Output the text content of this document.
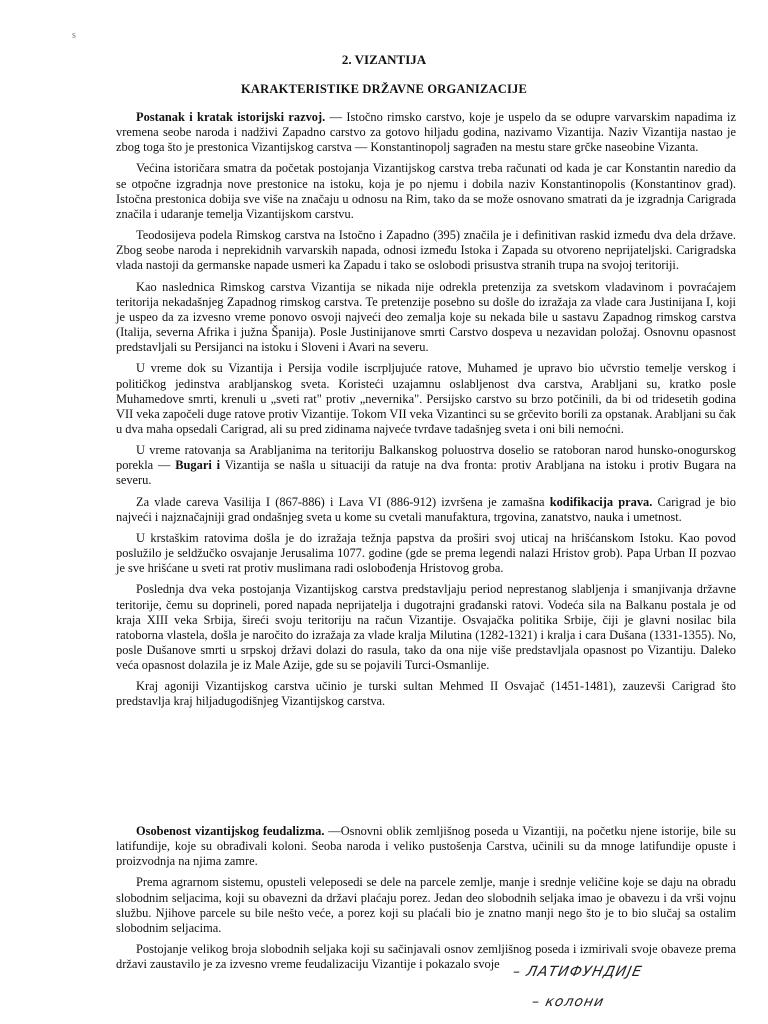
s
2. VIZANTIJA
KARAKTERISTIKE DRŽAVNE ORGANIZACIJE

Postanak i kratak istorijski razvoj. — Istočno rimsko carstvo, koje je uspelo da se odupre varvarskim napadima iz vremena seobe naroda i nadživi Zapadno carstvo za gotovo hiljadu godina, nazivamo Vizantija. Naziv Vizantija nastao je zbog toga što je prestonica Vizantijskog carstva — Konstantinopolj sagrađen na mestu stare grčke naseobine Vizanta.

Većina istoričara smatra da početak postojanja Vizantijskog carstva treba računati od kada je car Konstantin naredio da se otpočne izgradnja nove prestonice na istoku, koja je po njemu i dobila naziv Konstantinopolis (Konstantinov grad). Istočna prestonica dobija sve više na značaju u odnosu na Rim, tako da se može osnovano smatrati da je izgradnja Carigrada značila i udaranje temelja Vizantijskom carstvu.

Teodosijeva podela Rimskog carstva na Istočno i Zapadno (395) značila je i definitivan raskid između dva dela države. Zbog seobe naroda i neprekidnih varvarskih napada, odnosi između Istoka i Zapada su otvoreno neprijateljski. Carigradska vlada nastoji da germanske napade usmeri ka Zapadu i tako se oslobodi prisustva stranih trupa na svojoj teritoriji.

Kao naslednica Rimskog carstva Vizantija se nikada nije odrekla pretenzija za svetskom vladavinom i povraćajem teritorija nekadašnjeg Zapadnog rimskog carstva. Te pretenzije posebno su došle do izražaja za vlade cara Justinijana I, koji je uspeo da za izvesno vreme ponovo osvoji najveći deo zemalja koje su nekada bile u sastavu Zapadnog rimskog carstva (Italija, severna Afrika i južna Španija). Posle Justinijanove smrti Carstvo dospeva u nezavidan položaj. Osnovnu opasnost predstavljali su Persijanci na istoku i Sloveni i Avari na severu.

U vreme dok su Vizantija i Persija vodile iscrpljujuće ratove, Muhamed je upravo bio učvrstio temelje verskog i političkog jedinstva arabljanskog sveta. Koristeći uzajamnu oslabljenost dva carstva, Arabljani su, kratko posle Muhamedove smrti, krenuli u „sveti rat" protiv „nevernika". Persijsko carstvo su brzo potčinili, da bi od tridesetih godina VII veka započeli duge ratove protiv Vizantije. Tokom VII veka Vizantinci su se grčevito borili za opstanak. Arabljani su čak u dva maha opsedali Carigrad, ali su pred zidinama najveće tvrđave tadašnjeg sveta i oni bili nemoćni.

U vreme ratovanja sa Arabljanima na teritoriju Balkanskog poluostrva doselio se ratoboran narod hunsko-onogurskog porekla — Bugari i Vizantija se našla u situaciji da ratuje na dva fronta: protiv Arabljana na istoku i protiv Bugara na severu.

Za vlade careva Vasilija I (867-886) i Lava VI (886-912) izvršena je zamašna kodifikacija prava. Carigrad je bio najveći i najznačajniji grad ondašnjeg sveta u kome su cvetali manufaktura, trgovina, zanatstvo, nauka i umetnost.

U krstaškim ratovima došla je do izražaja težnja papstva da proširi svoj uticaj na hrišćanskom Istoku. Kao povod poslužilo je seldžučko osvajanje Jerusalima 1077. godine (gde se prema legendi nalazi Hristov grob). Papa Urban II pozvao je sve hrišćane u sveti rat protiv muslimana radi oslobođenja Hristovog groba.

Poslednja dva veka postojanja Vizantijskog carstva predstavljaju period neprestanog slabljenja i smanjivanja državne teritorije, čemu su doprineli, pored napada neprijatelja i dugotrajni građanski ratovi. Vodeća sila na Balkanu postala je od kraja XIII veka Srbija, šireći svoju teritoriju na račun Vizantije. Osvajačka politika Srbije, čiji je glavni nosilac bila ratoborna vlastela, došla je naročito do izražaja za vlade kralja Milutina (1282-1321) i kralja i cara Dušana (1331-1355). No, posle Dušanove smrti u srpskoj državi dolazi do rasula, tako da ona nije više predstavljala opasnost po Vizantiju. Daleko veća opasnost dolazila je iz Male Azije, gde su se pojavili Turci-Osmanlije.

Kraj agoniji Vizantijskog carstva učinio je turski sultan Mehmed II Osvajač (1451-1481), zauzevši Carigrad što predstavlja kraj hiljadugodišnjeg Vizantijskog carstva.

Osobenost vizantijskog feudalizma. —Osnovni oblik zemljišnog poseda u Vizantiji, na početku njene istorije, bile su latifundije, koje su obrađivali koloni. Seoba naroda i veliko pustošenja Carstva, učinili su da mnoge latifundije opuste i proizvodnja na njima zamre.

Prema agrarnom sistemu, opusteli veleposedi se dele na parcele zemlje, manje i srednje veličine koje se daju na obradu slobodnim seljacima, koji su obavezni da državi plaćaju porez. Jedan deo slobodnih seljaka imao je obavezu i da vrši vojnu službu. Njihove parcele su bile nešto veće, a porez koji su plaćali bio je znatno manji nego što je to bio slučaj sa ostalim slobodnim seljacima.

Postojanje velikog broja slobodnih seljaka koji su sačinjavali osnov zemljišnog poseda i izmirivali svoje obaveze prema državi zaustavilo je za izvesno vreme feudalizaciju Vizantije i pokazalo svoje – ЛАТИФУНДИЈЕ
– колони
